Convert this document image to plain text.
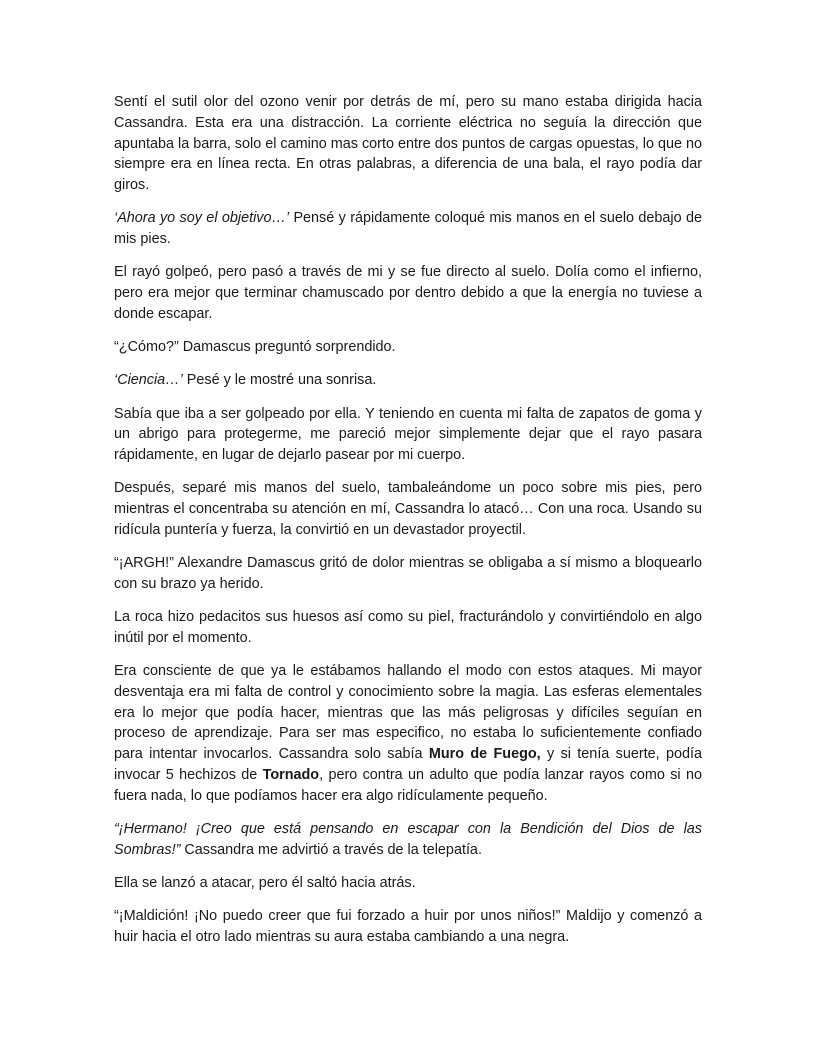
Sentí el sutil olor del ozono venir por detrás de mí, pero su mano estaba dirigida hacia Cassandra. Esta era una distracción. La corriente eléctrica no seguía la dirección que apuntaba la barra, solo el camino mas corto entre dos puntos de cargas opuestas, lo que no siempre era en línea recta. En otras palabras, a diferencia de una bala, el rayo podía dar giros.

‘Ahora yo soy el objetivo…’ Pensé y rápidamente coloqué mis manos en el suelo debajo de mis pies.

El rayó golpeó, pero pasó a través de mi y se fue directo al suelo. Dolía como el infierno, pero era mejor que terminar chamuscado por dentro debido a que la energía no tuviese a donde escapar.

“¿Cómo?” Damascus preguntó sorprendido.

‘Ciencia…’ Pesé y le mostré una sonrisa.

Sabía que iba a ser golpeado por ella. Y teniendo en cuenta mi falta de zapatos de goma y un abrigo para protegerme, me pareció mejor simplemente dejar que el rayo pasara rápidamente, en lugar de dejarlo pasear por mi cuerpo.

Después, separé mis manos del suelo, tambaleándome un poco sobre mis pies, pero mientras el concentraba su atención en mí, Cassandra lo atacó… Con una roca. Usando su ridícula puntería y fuerza, la convirtió en un devastador proyectil.

“¡ARGH!” Alexandre Damascus gritó de dolor mientras se obligaba a sí mismo a bloquearlo con su brazo ya herido.

La roca hizo pedacitos sus huesos así como su piel, fracturándolo y convirtiéndolo en algo inútil por el momento.

Era consciente de que ya le estábamos hallando el modo con estos ataques. Mi mayor desventaja era mi falta de control y conocimiento sobre la magia. Las esferas elementales era lo mejor que podía hacer, mientras que las más peligrosas y difíciles seguían en proceso de aprendizaje. Para ser mas especifico, no estaba lo suficientemente confiado para intentar invocarlos. Cassandra solo sabía Muro de Fuego, y si tenía suerte, podía invocar 5 hechizos de Tornado, pero contra un adulto que podía lanzar rayos como si no fuera nada, lo que podíamos hacer era algo ridículamente pequeño.

“¡Hermano! ¡Creo que está pensando en escapar con la Bendición del Dios de las Sombras!” Cassandra me advirtió a través de la telepatía.

Ella se lanzó a atacar, pero él saltó hacia atrás.

“¡Maldición! ¡No puedo creer que fui forzado a huir por unos niños!” Maldijo y comenzó a huir hacia el otro lado mientras su aura estaba cambiando a una negra.
